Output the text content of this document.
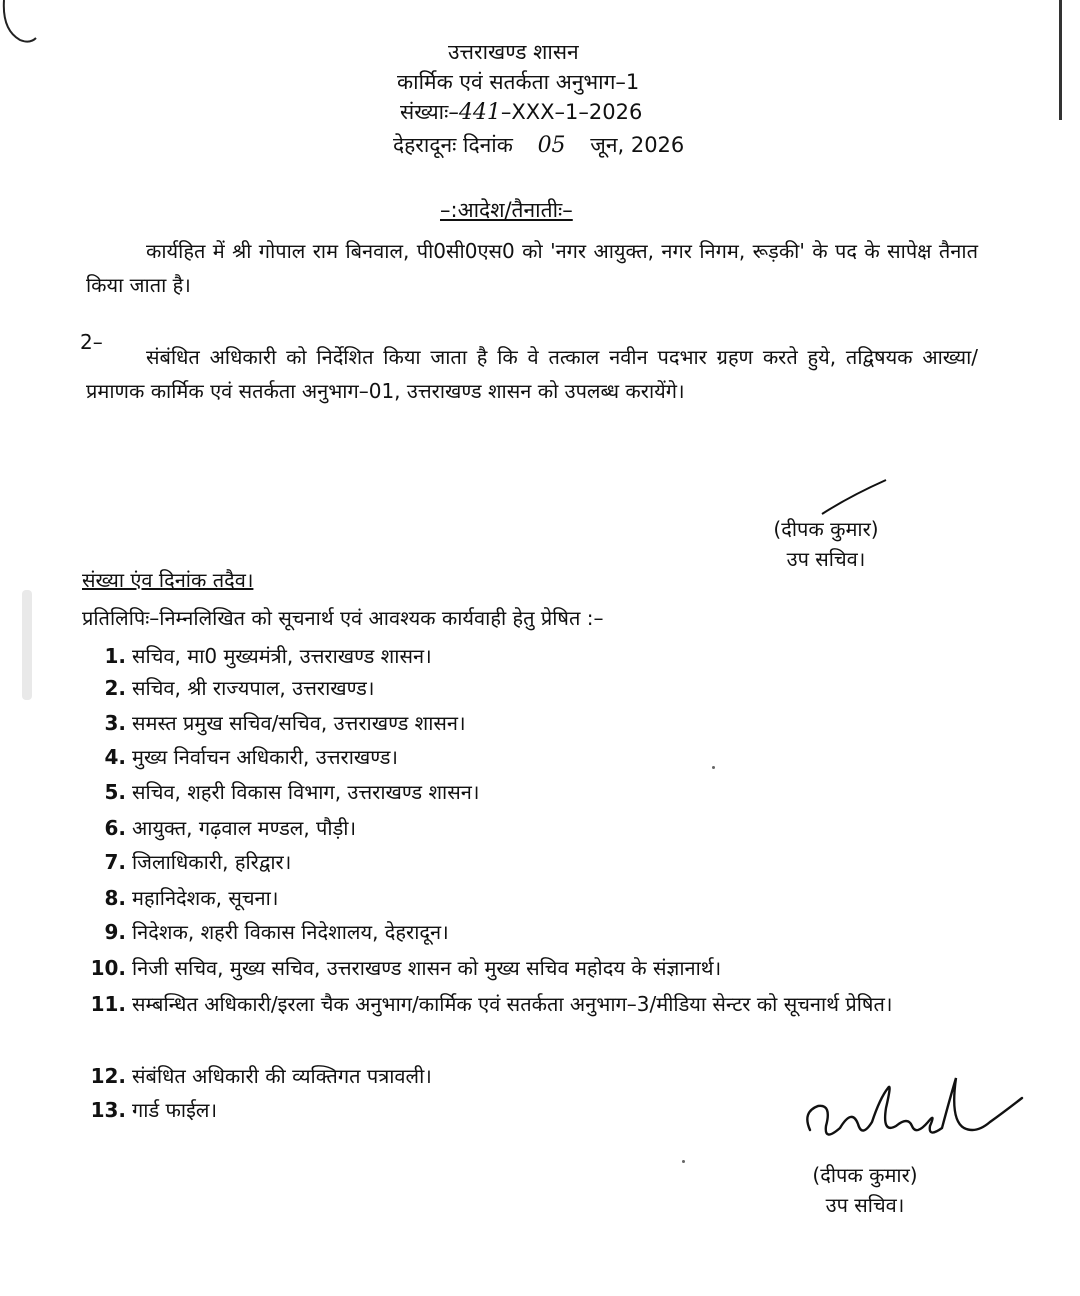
उत्तराखण्ड शासन
कार्मिक एवं सतर्कता अनुभाग–1
संख्याः–441–XXX–1–2026
देहरादूनः दिनांक 05 जून, 2026
–:आदेश/तैनातीः–
कार्यहित में श्री गोपाल राम बिनवाल, पी0सी0एस0 को 'नगर आयुक्त, नगर निगम, रूड़की' के पद के सापेक्ष तैनात किया जाता है।
2–
संबंधित अधिकारी को निर्देशित किया जाता है कि वे तत्काल नवीन पदभार ग्रहण करते हुये, तद्विषयक आख्या/प्रमाणक कार्मिक एवं सतर्कता अनुभाग–01, उत्तराखण्ड शासन को उपलब्ध करायेंगे।
(दीपक कुमार)
उप सचिव।
संख्या एंव दिनांक तदैव।
प्रतिलिपिः–निम्नलिखित को सूचनार्थ एवं आवश्यक कार्यवाही हेतु प्रेषित :–
1. सचिव, मा0 मुख्यमंत्री, उत्तराखण्ड शासन।
2. सचिव, श्री राज्यपाल, उत्तराखण्ड।
3. समस्त प्रमुख सचिव/सचिव, उत्तराखण्ड शासन।
4. मुख्य निर्वाचन अधिकारी, उत्तराखण्ड।
5. सचिव, शहरी विकास विभाग, उत्तराखण्ड शासन।
6. आयुक्त, गढ़वाल मण्डल, पौड़ी।
7. जिलाधिकारी, हरिद्वार।
8. महानिदेशक, सूचना।
9. निदेशक, शहरी विकास निदेशालय, देहरादून।
10. निजी सचिव, मुख्य सचिव, उत्तराखण्ड शासन को मुख्य सचिव महोदय के संज्ञानार्थ।
11. सम्बन्धित अधिकारी/इरला चैक अनुभाग/कार्मिक एवं सतर्कता अनुभाग–3/मीडिया सेन्टर को सूचनार्थ प्रेषित।
12. संबंधित अधिकारी की व्यक्तिगत पत्रावली।
13. गार्ड फाईल।
(दीपक कुमार)
उप सचिव।
